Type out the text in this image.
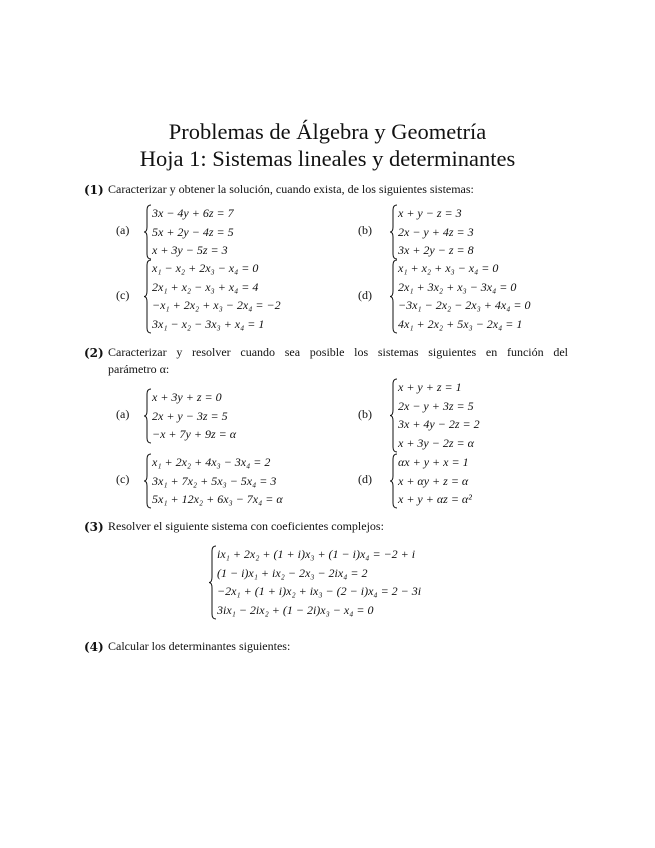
Problemas de Álgebra y Geometría
Hoja 1: Sistemas lineales y determinantes
(1) Caracterizar y obtener la solución, cuando exista, de los siguientes sistemas:
(a)
3x − 4y + 6z = 7
5x + 2y − 4z = 5
x + 3y − 5z = 3
(b)
x + y − z = 3
2x − y + 4z = 3
3x + 2y − z = 8
(c)
x₁ − x₂ + 2x₃ − x₄ = 0
2x₁ + x₂ − x₃ + x₄ = 4
−x₁ + 2x₂ + x₃ − 2x₄ = −2
3x₁ − x₂ − 3x₃ + x₄ = 1
(d)
x₁ + x₂ + x₃ − x₄ = 0
2x₁ + 3x₂ + x₃ − 3x₄ = 0
−3x₁ − 2x₂ − 2x₃ + 4x₄ = 0
4x₁ + 2x₂ + 5x₃ − 2x₄ = 1
(2) Caracterizar y resolver cuando sea posible los sistemas siguientes en función del
parámetro α:
(a)
x + 3y + z = 0
2x + y − 3z = 5
−x + 7y + 9z = α
(b)
x + y + z = 1
2x − y + 3z = 5
3x + 4y − 2z = 2
x + 3y − 2z = α
(c)
x₁ + 2x₂ + 4x₃ − 3x₄ = 2
3x₁ + 7x₂ + 5x₃ − 5x₄ = 3
5x₁ + 12x₂ + 6x₃ − 7x₄ = α
(d)
αx + y + x = 1
x + αy + z = α
x + y + αz = α²
(3) Resolver el siguiente sistema con coeficientes complejos:
ix₁ + 2x₂ + (1 + i)x₃ + (1 − i)x₄ = −2 + i
(1 − i)x₁ + ix₂ − 2x₃ − 2ix₄ = 2
−2x₁ + (1 + i)x₂ + ix₃ − (2 − i)x₄ = 2 − 3i
3ix₁ − 2ix₂ + (1 − 2i)x₃ − x₄ = 0
(4) Calcular los determinantes siguientes:
